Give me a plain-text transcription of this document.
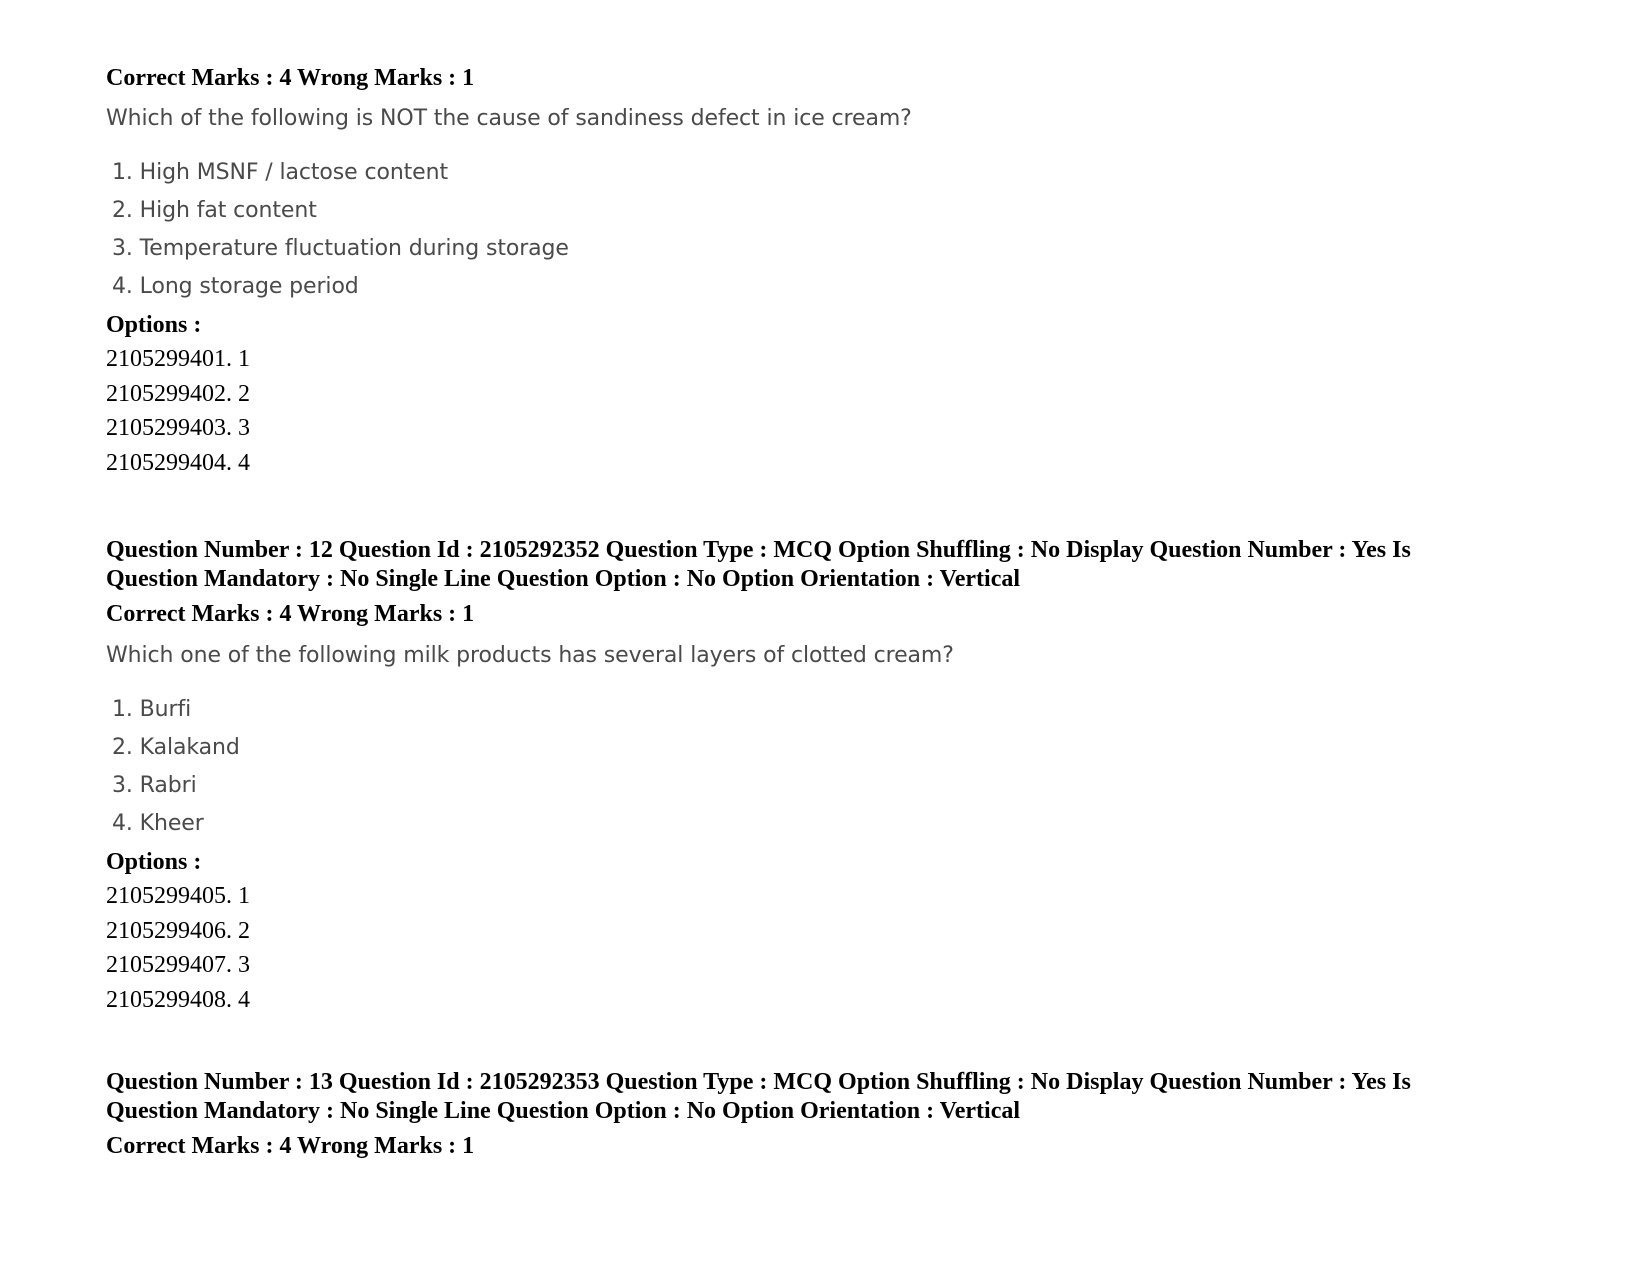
Correct Marks : 4 Wrong Marks : 1
Which of the following is NOT the cause of sandiness defect in ice cream?
1. High MSNF / lactose content
2. High fat content
3. Temperature fluctuation during storage
4. Long storage period
Options :
2105299401. 1
2105299402. 2
2105299403. 3
2105299404. 4
Question Number : 12 Question Id : 2105292352 Question Type : MCQ Option Shuffling : No Display Question Number : Yes Is
Question Mandatory : No Single Line Question Option : No Option Orientation : Vertical
Correct Marks : 4 Wrong Marks : 1
Which one of the following milk products has several layers of clotted cream?
1. Burfi
2. Kalakand
3. Rabri
4. Kheer
Options :
2105299405. 1
2105299406. 2
2105299407. 3
2105299408. 4
Question Number : 13 Question Id : 2105292353 Question Type : MCQ Option Shuffling : No Display Question Number : Yes Is
Question Mandatory : No Single Line Question Option : No Option Orientation : Vertical
Correct Marks : 4 Wrong Marks : 1
